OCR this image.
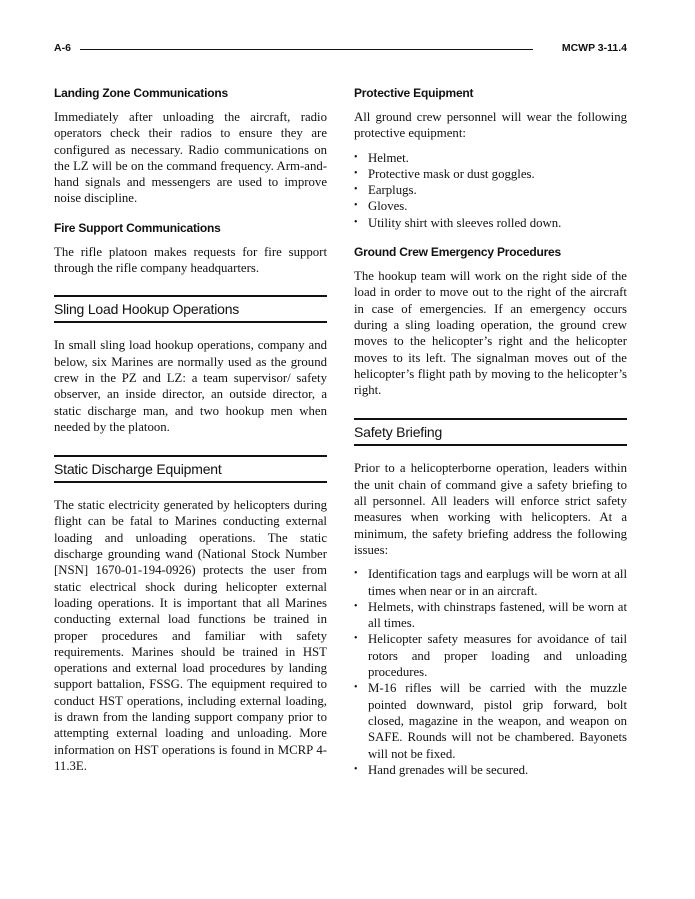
A-6	MCWP 3-11.4
Landing Zone Communications

Immediately after unloading the aircraft, radio operators check their radios to ensure they are configured as necessary. Radio communications on the LZ will be on the command frequency. Arm-and-hand signals and messengers are used to improve noise discipline.

Fire Support Communications

The rifle platoon makes requests for fire support through the rifle company headquarters.

Sling Load Hookup Operations

In small sling load hookup operations, company and below, six Marines are normally used as the ground crew in the PZ and LZ: a team supervisor/ safety observer, an inside director, an outside director, a static discharge man, and two hookup men when needed by the platoon.

Static Discharge Equipment

The static electricity generated by helicopters during flight can be fatal to Marines conducting external loading and unloading operations. The static discharge grounding wand (National Stock Number [NSN] 1670-01-194-0926) protects the user from static electrical shock during helicopter external loading operations. It is important that all Marines conducting external load functions be trained in proper procedures and familiar with safety requirements. Marines should be trained in HST operations and external load procedures by landing support battalion, FSSG. The equipment required to conduct HST operations, including external loading, is drawn from the landing support company prior to attempting external loading and unloading. More information on HST operations is found in MCRP 4-11.3E.

Protective Equipment

All ground crew personnel will wear the following protective equipment:

• Helmet.
• Protective mask or dust goggles.
• Earplugs.
• Gloves.
• Utility shirt with sleeves rolled down.
Ground Crew Emergency Procedures

The hookup team will work on the right side of the load in order to move out to the right of the aircraft in case of emergencies. If an emergency occurs during a sling loading operation, the ground crew moves to the helicopter’s right and the helicopter moves to its left. The signalman moves out of the helicopter’s flight path by moving to the helicopter’s right.

Safety Briefing

Prior to a helicopterborne operation, leaders within the unit chain of command give a safety briefing to all personnel. All leaders will enforce strict safety measures when working with helicopters. At a minimum, the safety briefing address the following issues:

• Identification tags and earplugs will be worn at all times when near or in an aircraft.
• Helmets, with chinstraps fastened, will be worn at all times.
• Helicopter safety measures for avoidance of tail rotors and proper loading and unloading procedures.
• M-16 rifles will be carried with the muzzle pointed downward, pistol grip forward, bolt closed, magazine in the weapon, and weapon on SAFE. Rounds will not be chambered. Bayonets will not be fixed.
• Hand grenades will be secured.
